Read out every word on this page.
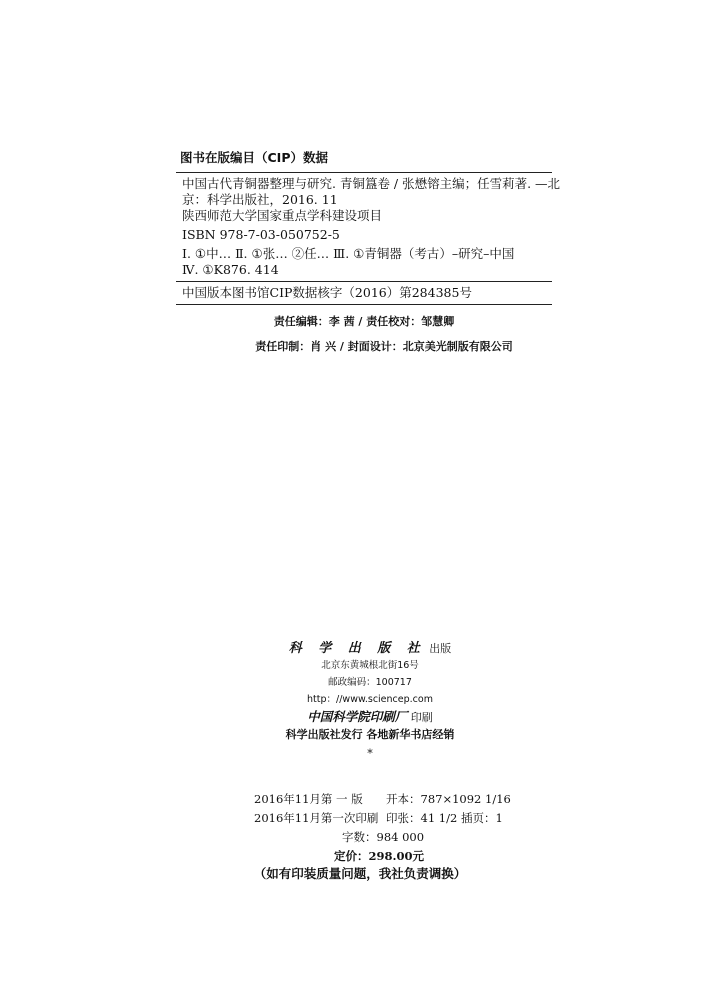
图书在版编目（CIP）数据
中国古代青铜器整理与研究. 青铜簋卷 / 张懋镕主编；任雪莉著. —北
京：科学出版社，2016. 11
陕西师范大学国家重点学科建设项目
ISBN 978-7-03-050752-5
Ⅰ. ①中… Ⅱ. ①张… ②任… Ⅲ. ①青铜器（考古）–研究–中国
Ⅳ. ①K876. 414
中国版本图书馆CIP数据核字（2016）第284385号
责任编辑：李 茜 / 责任校对：邹慧卿
责任印制：肖 兴 / 封面设计：北京美光制版有限公司
科 学 出 版 社 出版
北京东黄城根北街16号
邮政编码：100717
http：//www.sciencep.com
中国科学院印刷厂 印刷
科学出版社发行 各地新华书店经销
*
2016年11月第 一 版 开本：787×1092 1/16
2016年11月第一次印刷 印张：41 1/2 插页：1
字数：984 000
定价：298.00元
（如有印装质量问题，我社负责调换）
